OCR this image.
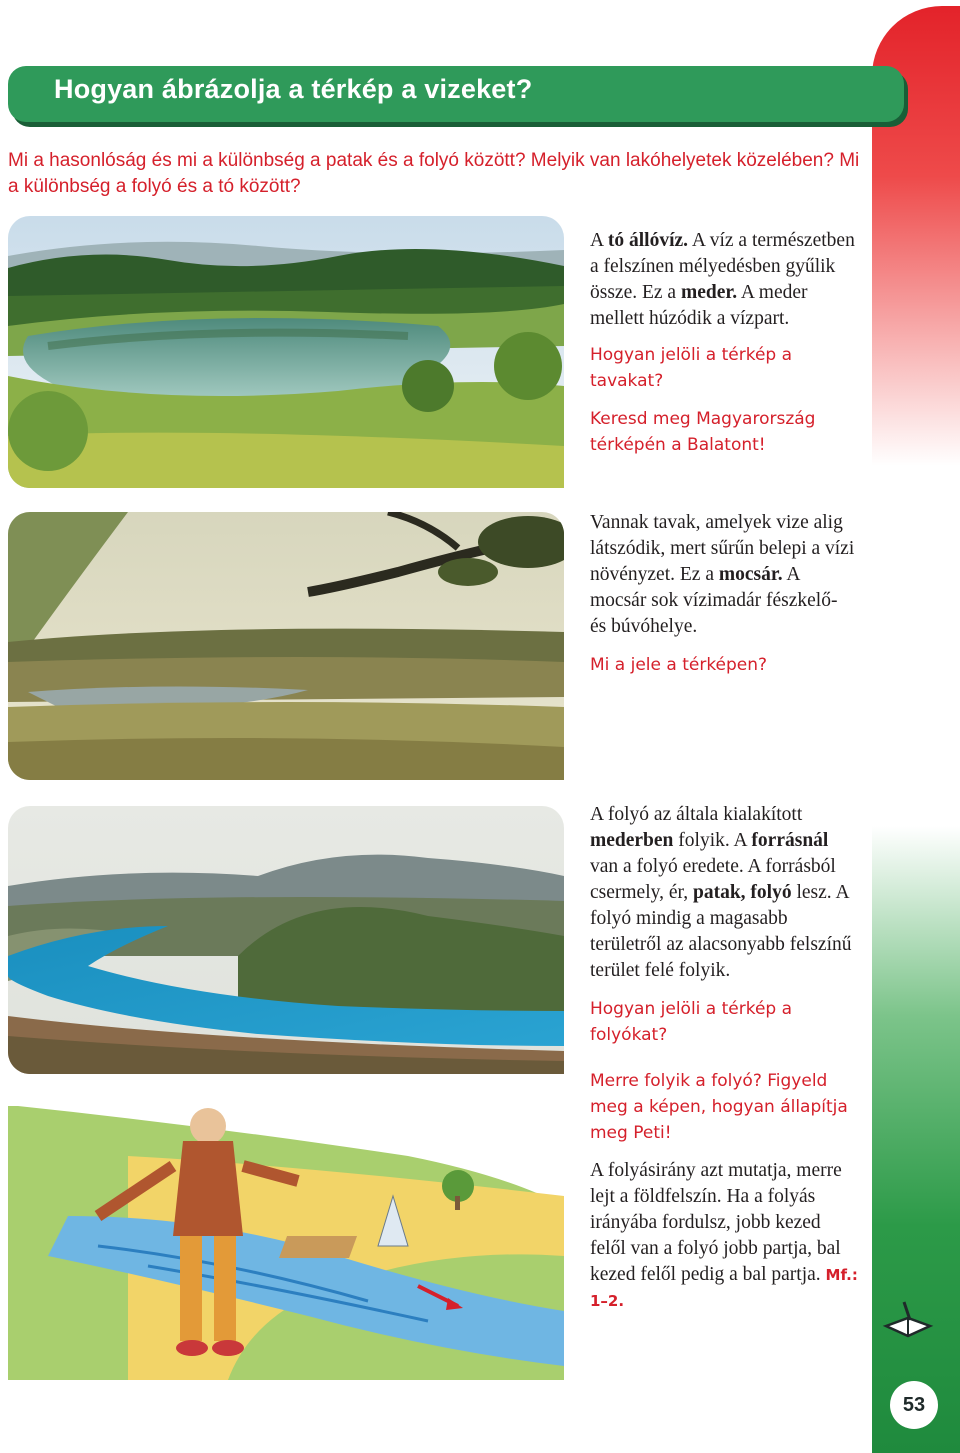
Hogyan ábrázolja a térkép a vizeket?

Mi a hasonlóság és mi a különbség a patak és a folyó között? Melyik van lakóhelyetek közelében? Mi a különbség a folyó és a tó között?

A tó állóvíz. A víz a természetben a felszínen mélyedésben gyűlik össze. Ez a meder. A meder mellett húzódik a vízpart.

Hogyan jelöli a térkép a tavakat?

Keresd meg Magyarország térképén a Balatont!

Vannak tavak, amelyek vize alig látszódik, mert sűrűn belepi a vízi növényzet. Ez a mocsár. A mocsár sok vízimadár fészkelő- és búvóhelye.

Mi a jele a térképen?

A folyó az általa kialakított mederben folyik. A forrásnál van a folyó eredete. A forrásból csermely, ér, patak, folyó lesz. A folyó mindig a magasabb területről az alacsonyabb felszínű terület felé folyik.

Hogyan jelöli a térkép a folyókat?

Merre folyik a folyó? Figyeld meg a képen, hogyan állapítja meg Peti!

A folyásirány azt mutatja, merre lejt a földfelszín. Ha a folyás irányába fordulsz, jobb kezed felől van a folyó jobb partja, bal kezed felől pedig a bal partja. Mf.: 1–2.

53
